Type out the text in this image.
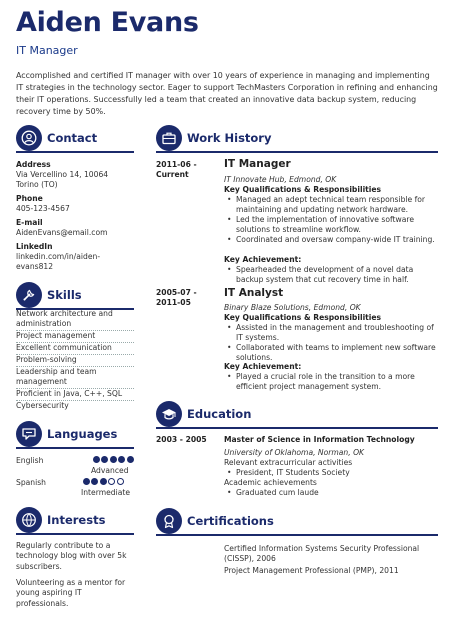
Aiden Evans
IT Manager
Accomplished and certified IT manager with over 10 years of experience in managing and implementing IT strategies in the technology sector. Eager to support TechMasters Corporation in refining and enhancing their IT operations. Successfully led a team that created an innovative data backup system, reducing recovery time by 50%.
Contact
Address
Via Vercellino 14, 10064 Torino (TO)
Phone
405-123-4567
E-mail
AidenEvans@email.com
LinkedIn
linkedin.com/in/aiden-evans812
Skills
Network architecture and administration
Project management
Excellent communication
Problem-solving
Leadership and team management
Proficient in Java, C++, SQL
Cybersecurity
Languages
English
Advanced
Spanish
Intermediate
Interests
Regularly contribute to a technology blog with over 5k subscribers.
Volunteering as a mentor for young aspiring IT professionals.
Work History
2011-06 - Current
IT Manager
IT Innovate Hub, Edmond, OK
Key Qualifications & Responsibilities
• Managed an adept technical team responsible for maintaining and updating network hardware.
• Led the implementation of innovative software solutions to streamline workflow.
• Coordinated and oversaw company-wide IT training.
Key Achievement:
• Spearheaded the development of a novel data backup system that cut recovery time in half.
2005-07 - 2011-05
IT Analyst
Binary Blaze Solutions, Edmond, OK
Key Qualifications & Responsibilities
• Assisted in the management and troubleshooting of IT systems.
• Collaborated with teams to implement new software solutions.
Key Achievement:
• Played a crucial role in the transition to a more efficient project management system.
Education
2003 - 2005	Master of Science in Information Technology
University of Oklahoma, Norman, OK
Relevant extracurricular activities
• President, IT Students Society
Academic achievements
• Graduated cum laude
Certifications
Certified Information Systems Security Professional (CISSP), 2006
Project Management Professional (PMP), 2011
